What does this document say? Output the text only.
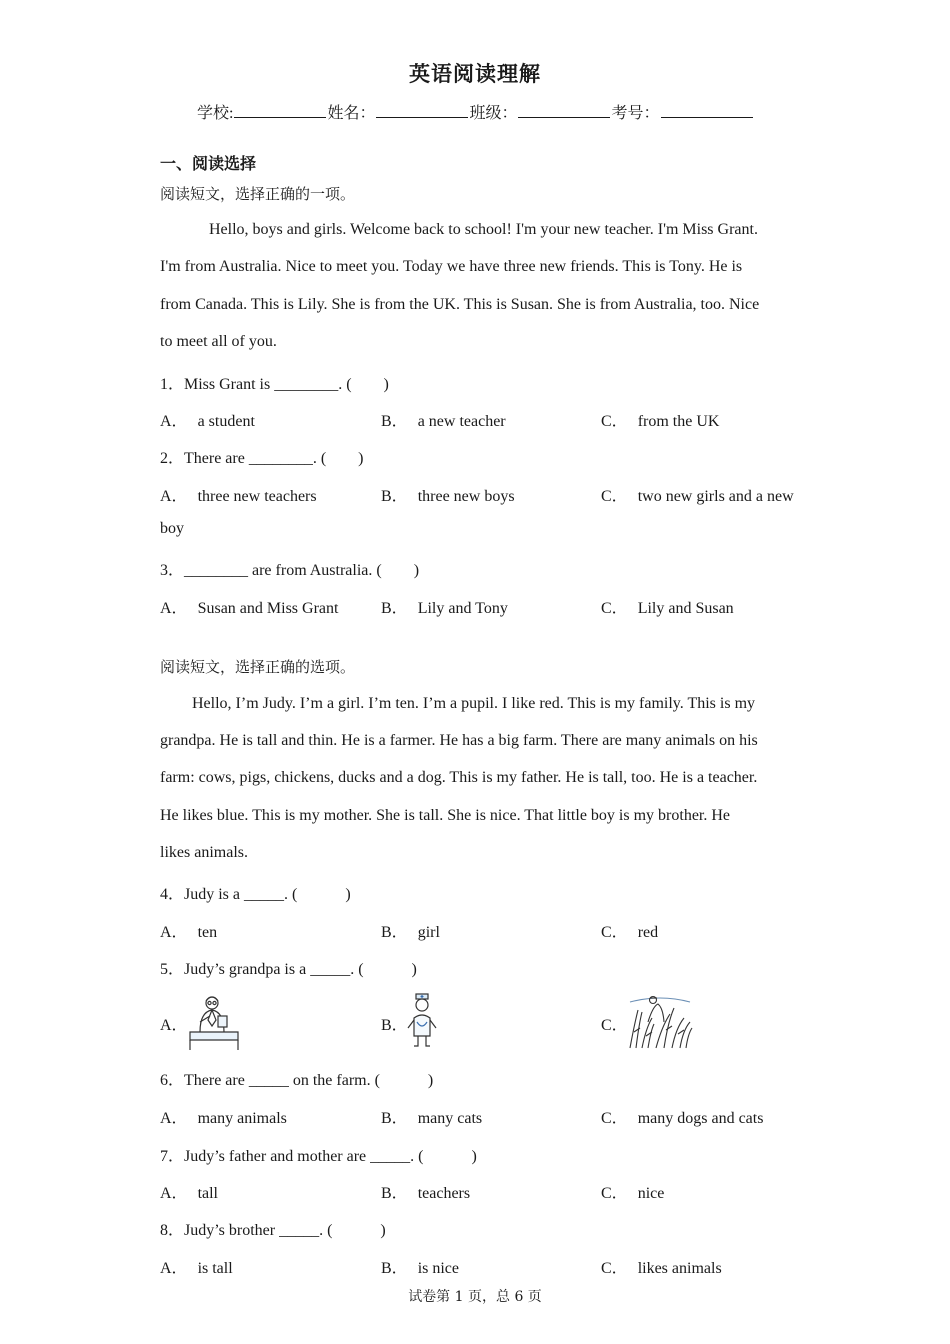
英语阅读理解
学校:	姓名：	班级：	考号：
一、阅读选择
阅读短文，选择正确的一项。
Hello, boys and girls. Welcome back to school! I'm your new teacher. I'm Miss Grant.
I'm from Australia. Nice to meet you. Today we have three new friends. This is Tony. He is
from Canada. This is Lily. She is from the UK. This is Susan. She is from Australia, too. Nice
to meet all of you.
1．Miss Grant is ________. (　　)
A． a student	B． a new teacher	C． from the UK
2．There are ________. (　　)
A． three new teachers	B． three new boys	C． two new girls and a new
boy
3．________ are from Australia. (　　)
A． Susan and Miss Grant	B． Lily and Tony	C． Lily and Susan
阅读短文，选择正确的选项。
Hello, I’m Judy. I’m a girl. I’m ten. I’m a pupil. I like red. This is my family. This is my
grandpa. He is tall and thin. He is a farmer. He has a big farm. There are many animals on his
farm: cows, pigs, chickens, ducks and a dog. This is my father. He is tall, too. He is a teacher.
He likes blue. This is my mother. She is tall. She is nice. That little boy is my brother. He
likes animals.
4．Judy is a _____. (　　　)
A． ten	B． girl	C． red
5．Judy’s grandpa is a _____. (　　　)
A．	B．	C．
6．There are _____ on the farm. (　　　)
A． many animals	B． many cats	C． many dogs and cats
7．Judy’s father and mother are _____. (　　　)
A． tall	B． teachers	C． nice
8．Judy’s brother _____. (　　　)
A． is tall	B． is nice	C． likes animals
试卷第 1 页，总 6 页
